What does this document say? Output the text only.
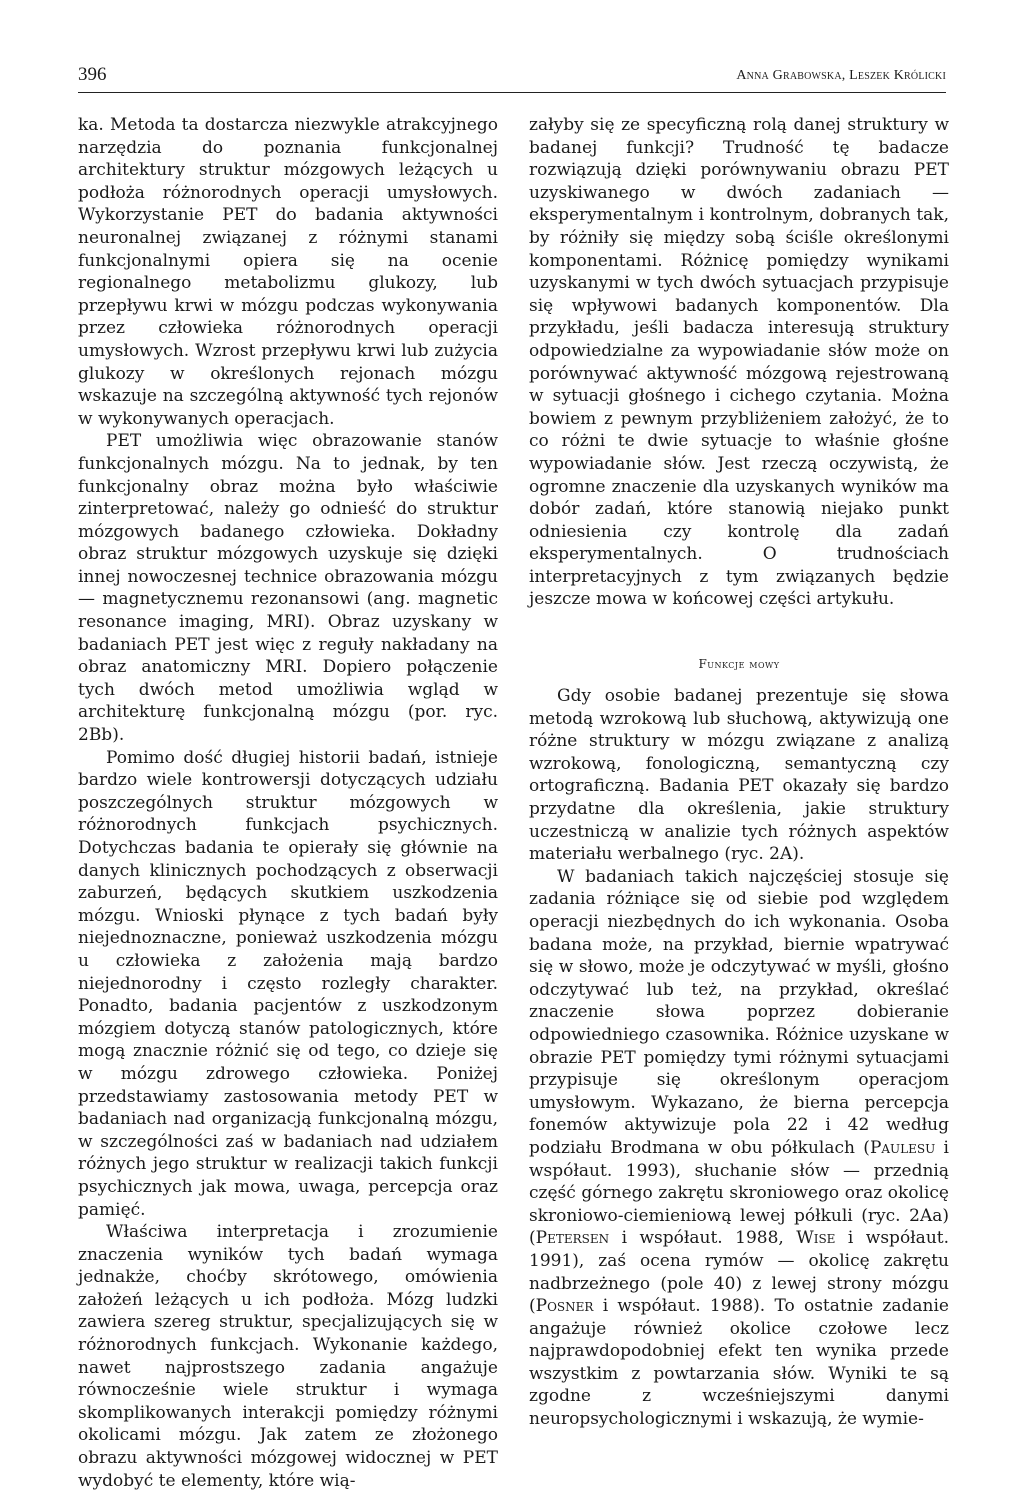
396	Anna Grabowska, Leszek Królicki

ka. Metoda ta dostarcza niezwykle atrakcyjnego narzędzia do poznania funkcjonalnej architektury struktur mózgowych leżących u podłoża różnorodnych operacji umysłowych. Wykorzystanie PET do badania aktywności neuronalnej związanej z różnymi stanami funkcjonalnymi opiera się na ocenie regionalnego metabolizmu glukozy, lub przepływu krwi w mózgu podczas wykonywania przez człowieka różnorodnych operacji umysłowych. Wzrost przepływu krwi lub zużycia glukozy w określonych rejonach mózgu wskazuje na szczególną aktywność tych rejonów w wykonywanych operacjach.

PET umożliwia więc obrazowanie stanów funkcjonalnych mózgu. Na to jednak, by ten funkcjonalny obraz można było właściwie zinterpretować, należy go odnieść do struktur mózgowych badanego człowieka. Dokładny obraz struktur mózgowych uzyskuje się dzięki innej nowoczesnej technice obrazowania mózgu — magnetycznemu rezonansowi (ang. magnetic resonance imaging, MRI). Obraz uzyskany w badaniach PET jest więc z reguły nakładany na obraz anatomiczny MRI. Dopiero połączenie tych dwóch metod umożliwia wgląd w architekturę funkcjonalną mózgu (por. ryc. 2Bb).

Pomimo dość długiej historii badań, istnieje bardzo wiele kontrowersji dotyczących udziału poszczególnych struktur mózgowych w różnorodnych funkcjach psychicznych. Dotychczas badania te opierały się głównie na danych klinicznych pochodzących z obserwacji zaburzeń, będących skutkiem uszkodzenia mózgu. Wnioski płynące z tych badań były niejednoznaczne, ponieważ uszkodzenia mózgu u człowieka z założenia mają bardzo niejednorodny i często rozległy charakter. Ponadto, badania pacjentów z uszkodzonym mózgiem dotyczą stanów patologicznych, które mogą znacznie różnić się od tego, co dzieje się w mózgu zdrowego człowieka. Poniżej przedstawiamy zastosowania metody PET w badaniach nad organizacją funkcjonalną mózgu, w szczególności zaś w badaniach nad udziałem różnych jego struktur w realizacji takich funkcji psychicznych jak mowa, uwaga, percepcja oraz pamięć.

Właściwa interpretacja i zrozumienie znaczenia wyników tych badań wymaga jednakże, choćby skrótowego, omówienia założeń leżących u ich podłoża. Mózg ludzki zawiera szereg struktur, specjalizujących się w różnorodnych funkcjach. Wykonanie każdego, nawet najprostszego zadania angażuje równocześnie wiele struktur i wymaga skomplikowanych interakcji pomiędzy różnymi okolicami mózgu. Jak zatem ze złożonego obrazu aktywności mózgowej widocznej w PET wydobyć te elementy, które wią-

załyby się ze specyficzną rolą danej struktury w badanej funkcji? Trudność tę badacze rozwiązują dzięki porównywaniu obrazu PET uzyskiwanego w dwóch zadaniach — eksperymentalnym i kontrolnym, dobranych tak, by różniły się między sobą ściśle określonymi komponentami. Różnicę pomiędzy wynikami uzyskanymi w tych dwóch sytuacjach przypisuje się wpływowi badanych komponentów. Dla przykładu, jeśli badacza interesują struktury odpowiedzialne za wypowiadanie słów może on porównywać aktywność mózgową rejestrowaną w sytuacji głośnego i cichego czytania. Można bowiem z pewnym przybliżeniem założyć, że to co różni te dwie sytuacje to właśnie głośne wypowiadanie słów. Jest rzeczą oczywistą, że ogromne znaczenie dla uzyskanych wyników ma dobór zadań, które stanowią niejako punkt odniesienia czy kontrolę dla zadań eksperymentalnych. O trudnościach interpretacyjnych z tym związanych będzie jeszcze mowa w końcowej części artykułu.

Funkcje mowy

Gdy osobie badanej prezentuje się słowa metodą wzrokową lub słuchową, aktywizują one różne struktury w mózgu związane z analizą wzrokową, fonologiczną, semantyczną czy ortograficzną. Badania PET okazały się bardzo przydatne dla określenia, jakie struktury uczestniczą w analizie tych różnych aspektów materiału werbalnego (ryc. 2A).

W badaniach takich najczęściej stosuje się zadania różniące się od siebie pod względem operacji niezbędnych do ich wykonania. Osoba badana może, na przykład, biernie wpatrywać się w słowo, może je odczytywać w myśli, głośno odczytywać lub też, na przykład, określać znaczenie słowa poprzez dobieranie odpowiedniego czasownika. Różnice uzyskane w obrazie PET pomiędzy tymi różnymi sytuacjami przypisuje się określonym operacjom umysłowym. Wykazano, że bierna percepcja fonemów aktywizuje pola 22 i 42 według podziału Brodmana w obu półkulach (Paulesu i współaut. 1993), słuchanie słów — przednią część górnego zakrętu skroniowego oraz okolicę skroniowo-ciemieniową lewej półkuli (ryc. 2Aa) (Petersen i współaut. 1988, Wise i współaut. 1991), zaś ocena rymów — okolicę zakrętu nadbrzeżnego (pole 40) z lewej strony mózgu (Posner i współaut. 1988). To ostatnie zadanie angażuje również okolice czołowe lecz najprawdopodobniej efekt ten wynika przede wszystkim z powtarzania słów. Wyniki te są zgodne z wcześniejszymi danymi neuropsychologicznymi i wskazują, że wymie-
